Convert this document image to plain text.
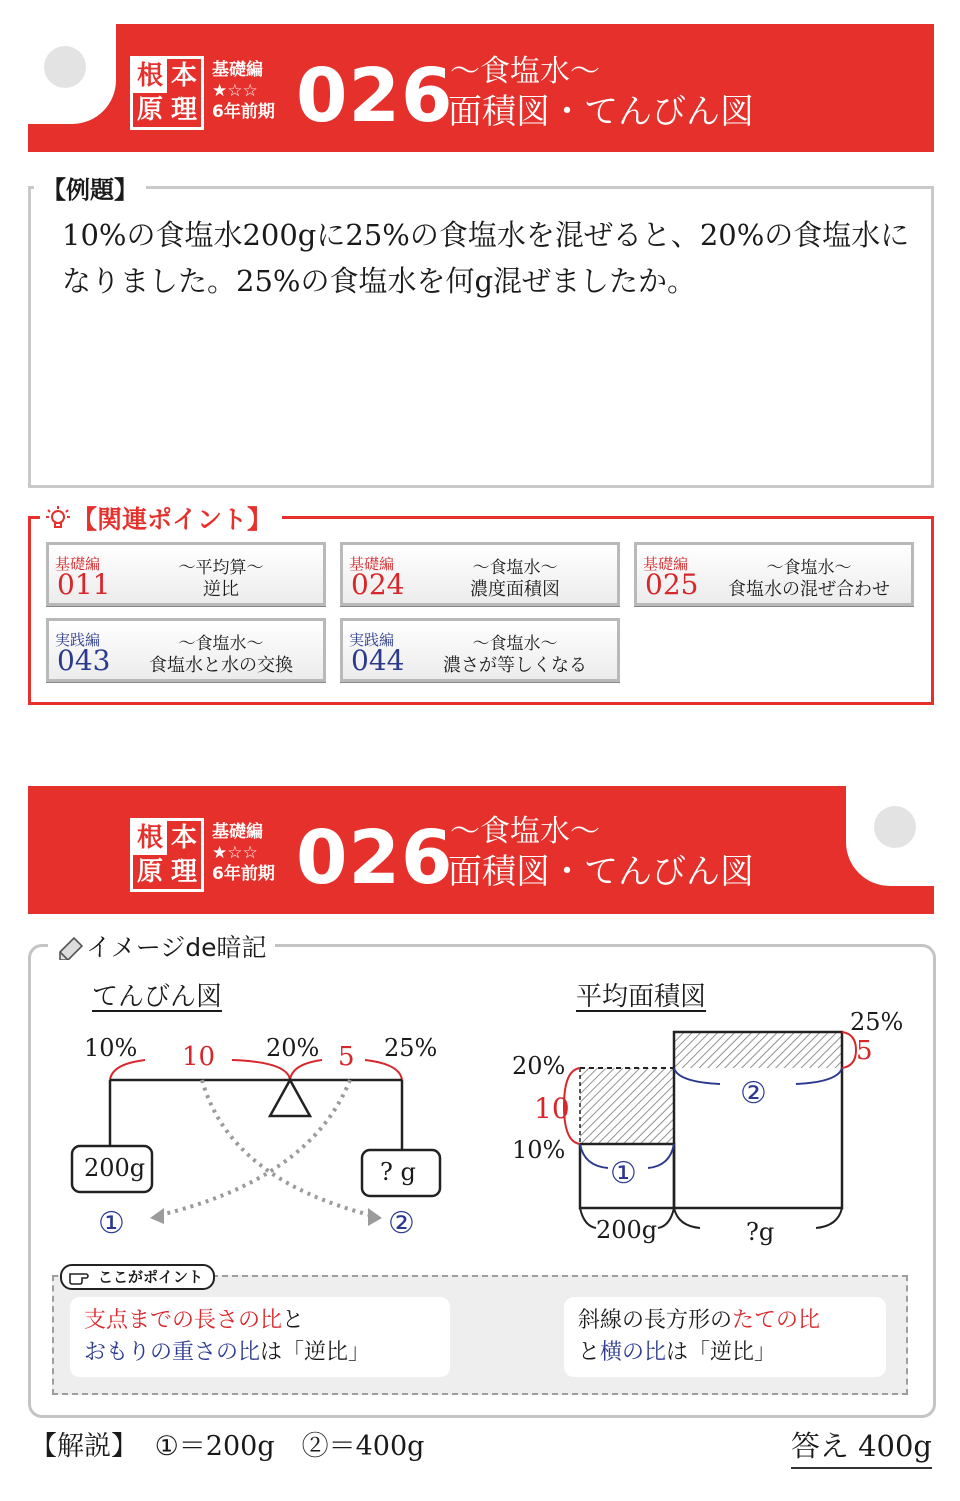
根 本
原 理
基礎編
★☆☆
6年前期 026
〜食塩水〜
面積図・てんびん図
【例題】
10%の食塩水200gに25%の食塩水を混ぜると、20%の食塩水になりました。25%の食塩水を何g混ぜましたか。
【関連ポイント】
基礎編
011	〜平均算〜
逆比
基礎編
024	〜食塩水〜
濃度面積図
基礎編
025	〜食塩水〜
食塩水の混ぜ合わせ
実践編
043	〜食塩水〜
食塩水と水の交換
実践編
044	〜食塩水〜
濃さが等しくなる
根 本
原 理
基礎編
★☆☆
6年前期 026
〜食塩水〜
面積図・てんびん図
イメージde暗記
てんびん図
10%	20%	25%
10	5
200g	? g
①	②
平均面積図
25%
20%
10%
5
10	②
①
200g	?g
ここがポイント
支点までの長さの比と
おもりの重さの比は「逆比」
斜線の長方形のたての比
と横の比は「逆比」
【解説】 ①＝200g　②＝400g	答え 400g
